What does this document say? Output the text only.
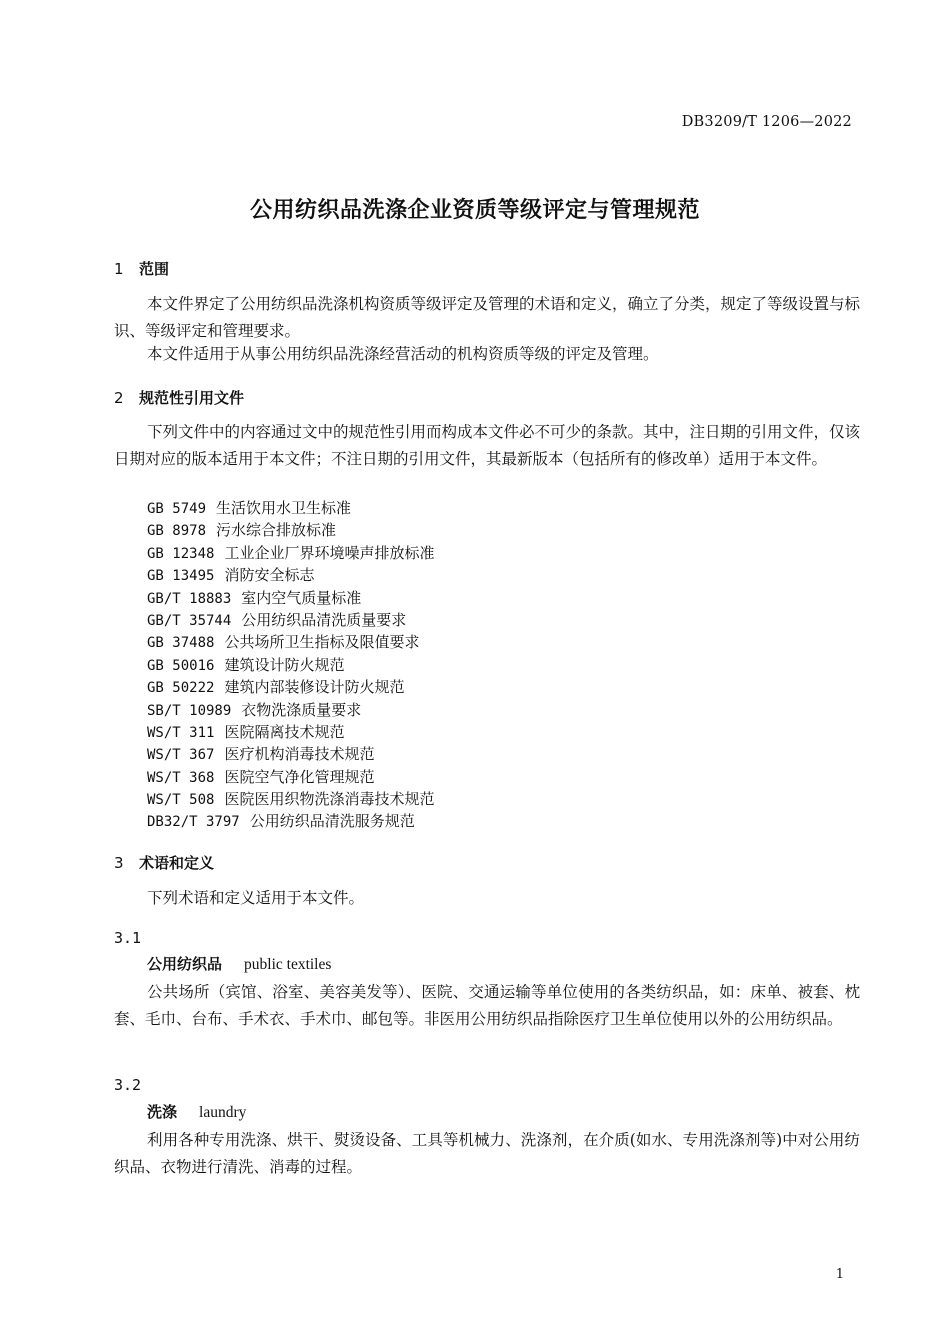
DB3209/T 1206—2022
公用纺织品洗涤企业资质等级评定与管理规范
1 范围

本文件界定了公用纺织品洗涤机构资质等级评定及管理的术语和定义，确立了分类，规定了等级设置与标识、等级评定和管理要求。

本文件适用于从事公用纺织品洗涤经营活动的机构资质等级的评定及管理。

2 规范性引用文件

下列文件中的内容通过文中的规范性引用而构成本文件必不可少的条款。其中，注日期的引用文件，仅该日期对应的版本适用于本文件；不注日期的引用文件，其最新版本（包括所有的修改单）适用于本文件。

GB 5749 生活饮用水卫生标准
GB 8978 污水综合排放标准
GB 12348 工业企业厂界环境噪声排放标准
GB 13495 消防安全标志
GB/T 18883 室内空气质量标准
GB/T 35744 公用纺织品清洗质量要求
GB 37488 公共场所卫生指标及限值要求
GB 50016 建筑设计防火规范
GB 50222 建筑内部装修设计防火规范
SB/T 10989 衣物洗涤质量要求
WS/T 311 医院隔离技术规范
WS/T 367 医疗机构消毒技术规范
WS/T 368 医院空气净化管理规范
WS/T 508 医院医用织物洗涤消毒技术规范
DB32/T 3797 公用纺织品清洗服务规范
3 术语和定义

下列术语和定义适用于本文件。

3.1
公用纺织品 public textiles

公共场所（宾馆、浴室、美容美发等）、医院、交通运输等单位使用的各类纺织品，如：床单、被套、枕套、毛巾、台布、手术衣、手术巾、邮包等。非医用公用纺织品指除医疗卫生单位使用以外的公用纺织品。

3.2
洗涤 laundry

利用各种专用洗涤、烘干、熨烫设备、工具等机械力、洗涤剂，在介质(如水、专用洗涤剂等)中对公用纺织品、衣物进行清洗、消毒的过程。

1
